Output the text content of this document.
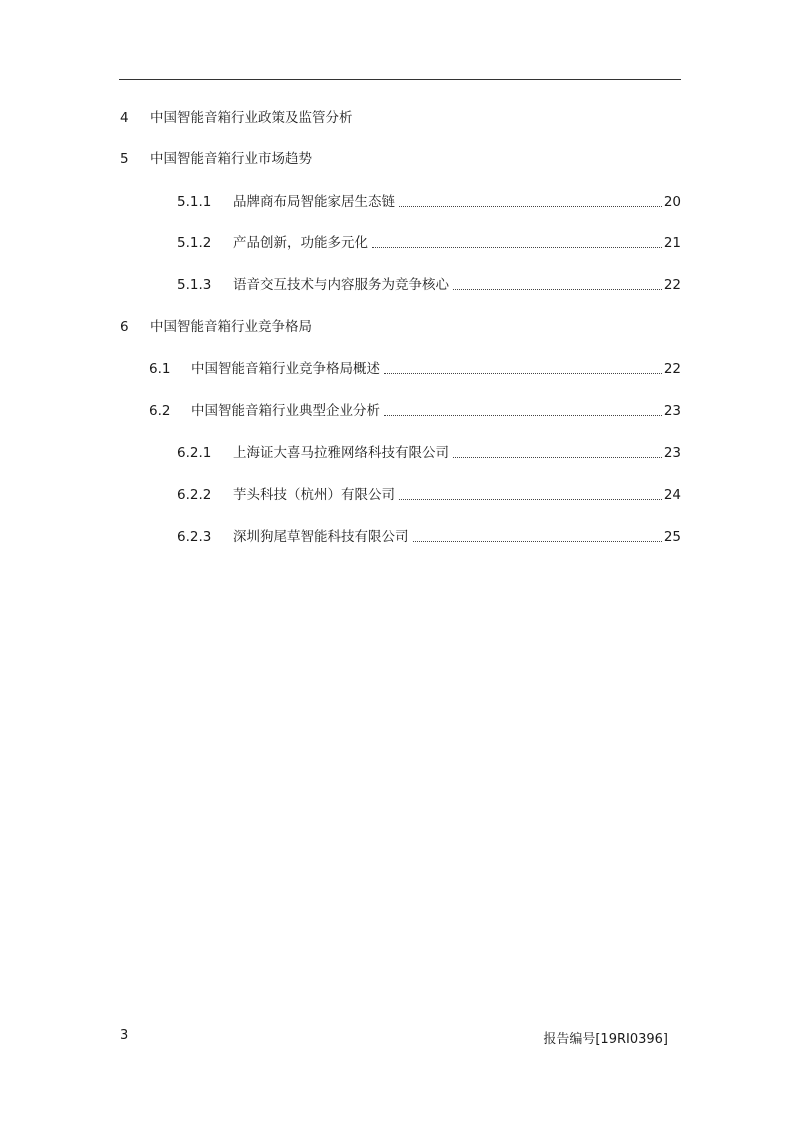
4	中国智能音箱行业政策及监管分析
5	中国智能音箱行业市场趋势
5.1.1	品牌商布局智能家居生态链	20
5.1.2	产品创新，功能多元化	21
5.1.3	语音交互技术与内容服务为竞争核心	22
6	中国智能音箱行业竞争格局
6.1	中国智能音箱行业竞争格局概述	22
6.2	中国智能音箱行业典型企业分析	23
6.2.1	上海证大喜马拉雅网络科技有限公司	23
6.2.2	芋头科技（杭州）有限公司	24
6.2.3	深圳狗尾草智能科技有限公司	25
3	报告编号[19RI0396]
